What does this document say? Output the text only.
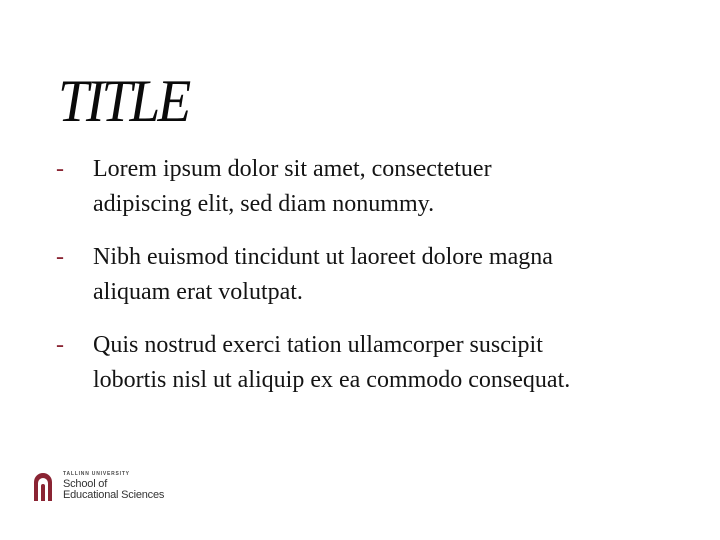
TITLE
- Lorem ipsum dolor sit amet, consectetuer
adipiscing elit, sed diam nonummy.
- Nibh euismod tincidunt ut laoreet dolore magna
aliquam erat volutpat.
- Quis nostrud exerci tation ullamcorper suscipit
lobortis nisl ut aliquip ex ea commodo consequat.
TALLINN UNIVERSITY
School of
Educational Sciences
